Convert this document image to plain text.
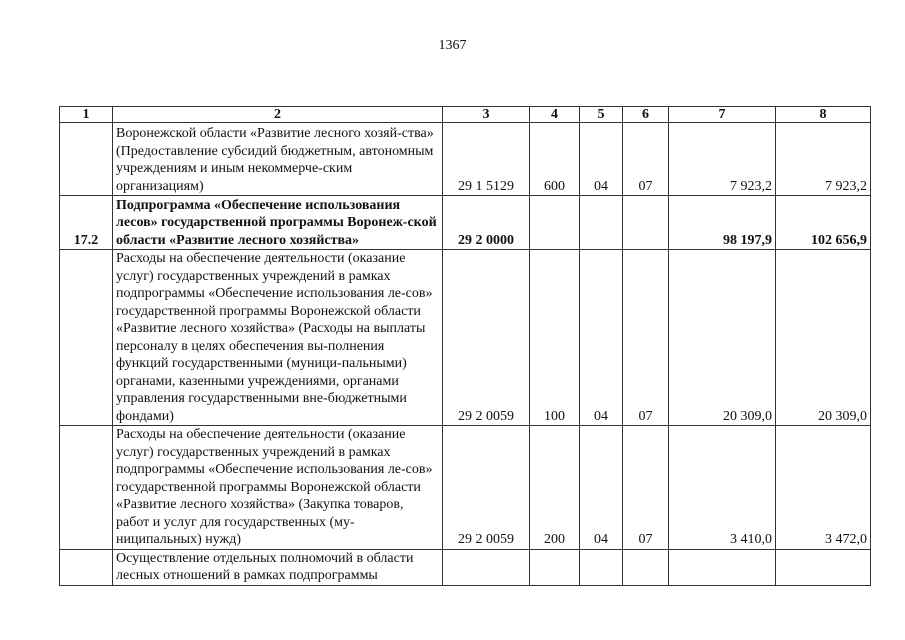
1367
1	2	3	4	5	6	7	8
	Воронежской области «Развитие лесного хозяй-ства» (Предоставление субсидий бюджетным, автономным учреждениям и иным некоммерче-ским организациям)	29 1 5129	600	04	07	7 923,2	7 923,2
17.2	Подпрограмма «Обеспечение использования лесов» государственной программы Воронеж-ской области «Развитие лесного хозяйства»	29 2 0000				98 197,9	102 656,9
	Расходы на обеспечение деятельности (оказание услуг) государственных учреждений в рамках подпрограммы «Обеспечение использования ле-сов» государственной программы Воронежской области «Развитие лесного хозяйства» (Расходы на выплаты персоналу в целях обеспечения вы-полнения функций государственными (муници-пальными) органами, казенными учреждениями, органами управления государственными вне-бюджетными фондами)	29 2 0059	100	04	07	20 309,0	20 309,0
	Расходы на обеспечение деятельности (оказание услуг) государственных учреждений в рамках подпрограммы «Обеспечение использования ле-сов» государственной программы Воронежской области «Развитие лесного хозяйства» (Закупка товаров, работ и услуг для государственных (му-ниципальных) нужд)	29 2 0059	200	04	07	3 410,0	3 472,0
	Осуществление отдельных полномочий в области лесных отношений в рамках подпрограммы						
